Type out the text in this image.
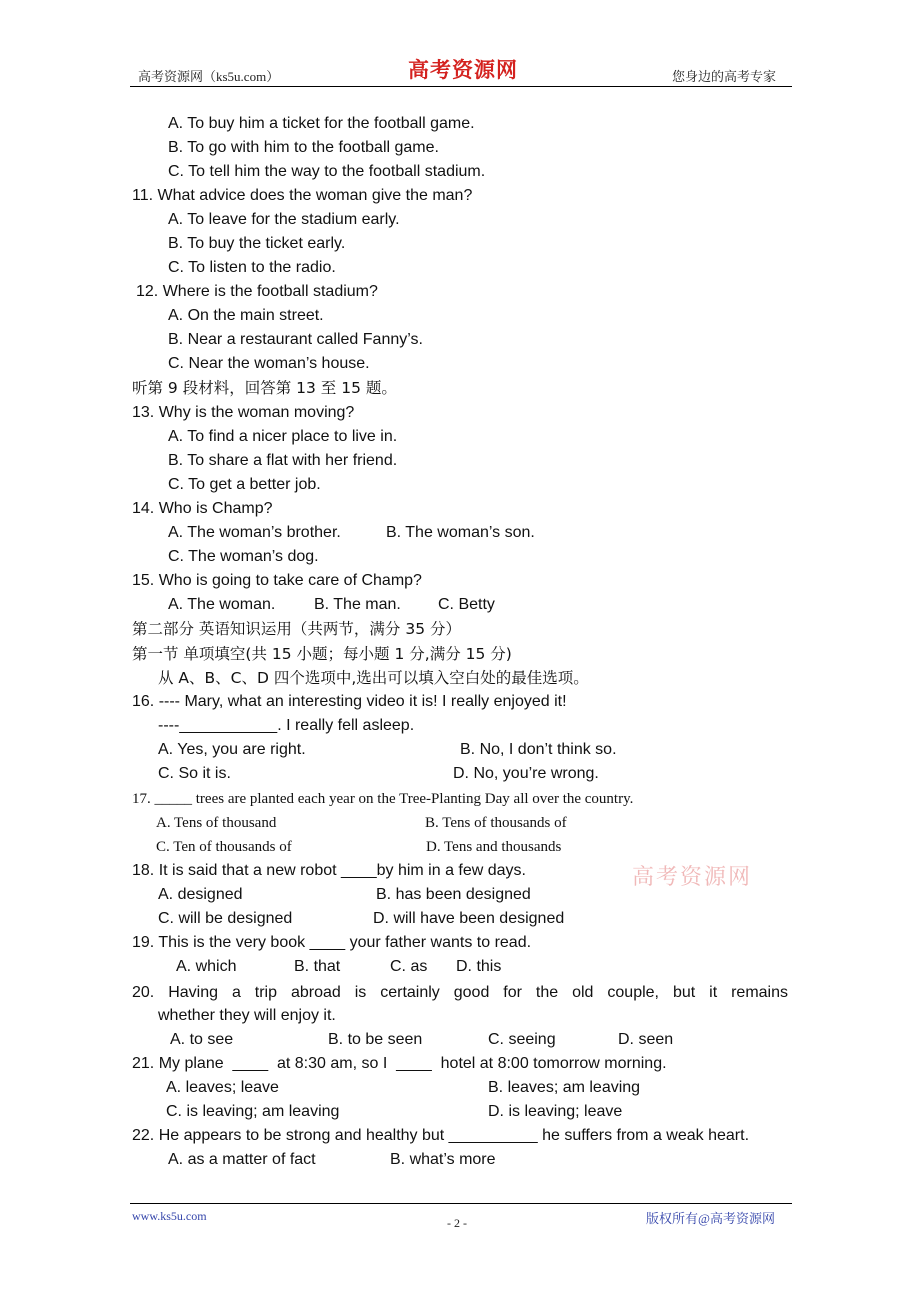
高考资源网（ks5u.com）	高考资源网	您身边的高考专家
A. To buy him a ticket for the football game.
B. To go with him to the football game.
C. To tell him the way to the football stadium.
11. What advice does the woman give the man?
A. To leave for the stadium early.
B. To buy the ticket early.
C. To listen to the radio.
12. Where is the football stadium?
A. On the main street.
B. Near a restaurant called Fanny’s.
C. Near the woman’s house.
听第 9 段材料，回答第 13 至 15 题。
13. Why is the woman moving?
A. To find a nicer place to live in.
B. To share a flat with her friend.
C. To get a better job.
14. Who is Champ?
A. The woman’s brother.	B. The woman’s son.
C. The woman’s dog.
15. Who is going to take care of Champ?
A. The woman. B. The man. C. Betty
第二部分 英语知识运用（共两节，满分 35 分）
第一节 单项填空(共 15 小题；每小题 1 分,满分 15 分)
从 A、B、C、D 四个选项中,选出可以填入空白处的最佳选项。
16. ---- Mary, what an interesting video it is! I really enjoyed it!
----___________. I really fell asleep.
A. Yes, you are right.	B. No, I don’t think so.
C. So it is.	D. No, you’re wrong.
17. _____ trees are planted each year on the Tree-Planting Day all over the country.
A. Tens of thousand	B. Tens of thousands of
C. Ten of thousands of	D. Tens and thousands
高考资源网
18. It is said that a new robot ____by him in a few days.
A. designed	B. has been designed
C. will be designed	D. will have been designed
19. This is the very book ____ your father wants to read.
A. which	B. that	C. as D. this
20. Having a trip abroad is certainly good for the old couple, but it remains
whether they will enjoy it.
A. to see	B. to be seen	C. seeing	D. seen
21. My plane  ____  at 8:30 am, so I  ____  hotel at 8:00 tomorrow morning.
A. leaves; leave	B. leaves; am leaving
C. is leaving; am leaving	D. is leaving; leave
22. He appears to be strong and healthy but __________ he suffers from a weak heart.
A. as a matter of fact	B. what’s more
www.ks5u.com	- 2 -	版权所有@高考资源网
